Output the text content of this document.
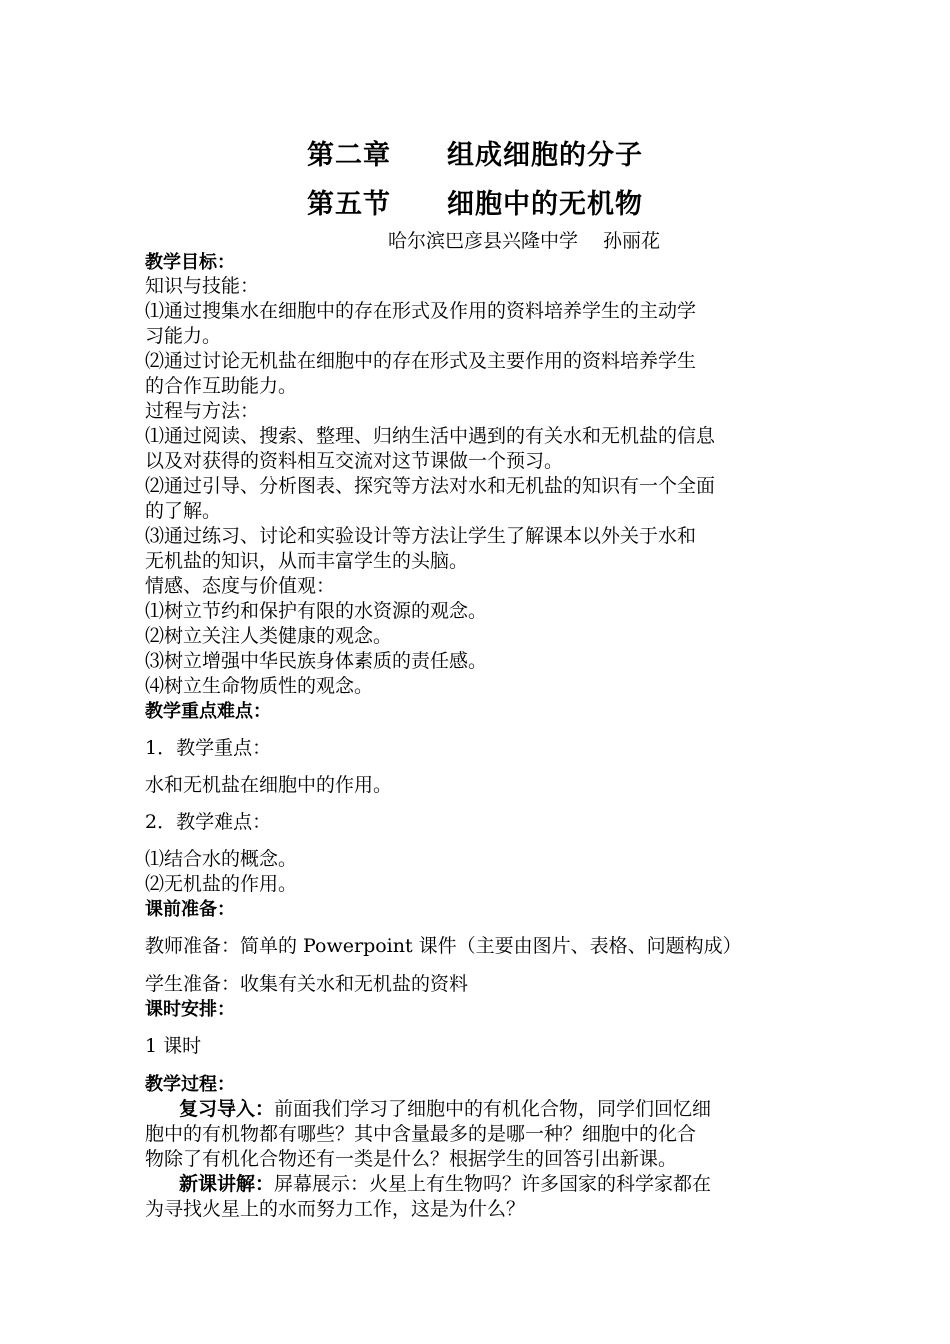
第二章　　组成细胞的分子
第五节　　细胞中的无机物
哈尔滨巴彦县兴隆中学　 孙丽花
教学目标：
知识与技能：
⑴通过搜集水在细胞中的存在形式及作用的资料培养学生的主动学
习能力。
⑵通过讨论无机盐在细胞中的存在形式及主要作用的资料培养学生
的合作互助能力。
过程与方法：
⑴通过阅读、搜索、整理、归纳生活中遇到的有关水和无机盐的信息
以及对获得的资料相互交流对这节课做一个预习。
⑵通过引导、分析图表、探究等方法对水和无机盐的知识有一个全面
的了解。
⑶通过练习、讨论和实验设计等方法让学生了解课本以外关于水和
无机盐的知识，从而丰富学生的头脑。
情感、态度与价值观：
⑴树立节约和保护有限的水资源的观念。
⑵树立关注人类健康的观念。
⑶树立增强中华民族身体素质的责任感。
⑷树立生命物质性的观念。
教学重点难点：
1．教学重点：
水和无机盐在细胞中的作用。
2．教学难点：
⑴结合水的概念。
⑵无机盐的作用。
课前准备：
教师准备：简单的 Powerpoint 课件（主要由图片、表格、问题构成）
学生准备：收集有关水和无机盐的资料
课时安排：
1 课时
教学过程：
复习导入：前面我们学习了细胞中的有机化合物，同学们回忆细
胞中的有机物都有哪些？其中含量最多的是哪一种？细胞中的化合
物除了有机化合物还有一类是什么？根据学生的回答引出新课。
新课讲解：屏幕展示：火星上有生物吗？许多国家的科学家都在
为寻找火星上的水而努力工作，这是为什么？
